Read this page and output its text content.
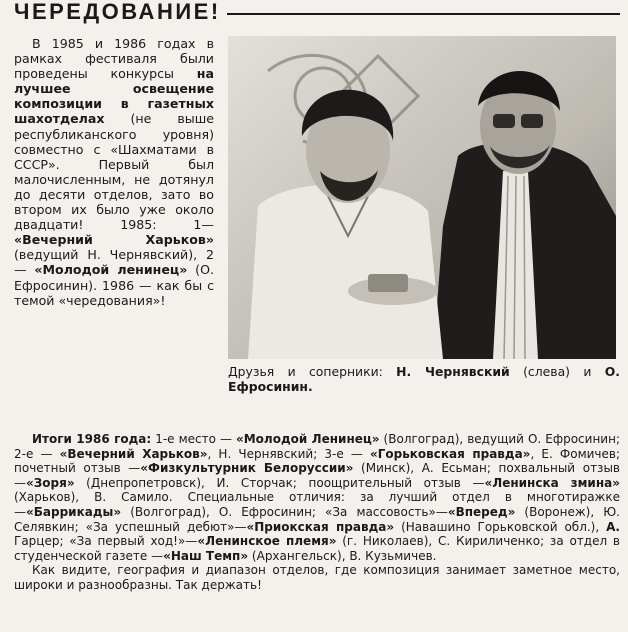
ЧЕРЕДОВАНИЕ!

В 1985 и 1986 годах в рамках фестиваля были проведены конкурсы на лучшее освещение композиции в газетных шахотделах (не выше республиканского уровня) совместно с «Шахматами в СССР». Первый был малочисленным, не дотянул до десяти отделов, зато во втором их было уже около двадцати! 1985: 1— «Вечерний Харьков» (ведущий Н. Чернявский), 2 — «Молодой ленинец» (О. Ефросинин). 1986 — как бы с темой «чередования»!

Друзья и соперники: Н. Чернявский (слева) и О. Ефросинин.

Итоги 1986 года: 1-е место — «Молодой Ленинец» (Волгоград), ведущий О. Ефросинин; 2-е — «Вечерний Харьков», Н. Чернявский; 3-е — «Горьковская правда», Е. Фомичев; почетный отзыв —«Физкультурник Белоруссии» (Минск), А. Есьман; похвальный отзыв —«Зоря» (Днепропетровск), И. Сторчак; поощрительный отзыв —«Ленинска змина» (Харьков), В. Самило. Специальные отличия: за лучший отдел в многотиражке —«Баррикады» (Волгоград), О. Ефросинин; «За массовость»—«Вперед» (Воронеж), Ю. Селявкин; «За успешный дебют»—«Приокская правда» (Навашино Горьковской обл.), А. Гарцер; «За первый ход!»—«Ленинское племя» (г. Николаев), С. Кириличенко; за отдел в студенческой газете —«Наш Темп» (Архангельск), В. Кузьмичев.

Как видите, география и диапазон отделов, где композиция занимает заметное место, широки и разнообразны. Так держать!
